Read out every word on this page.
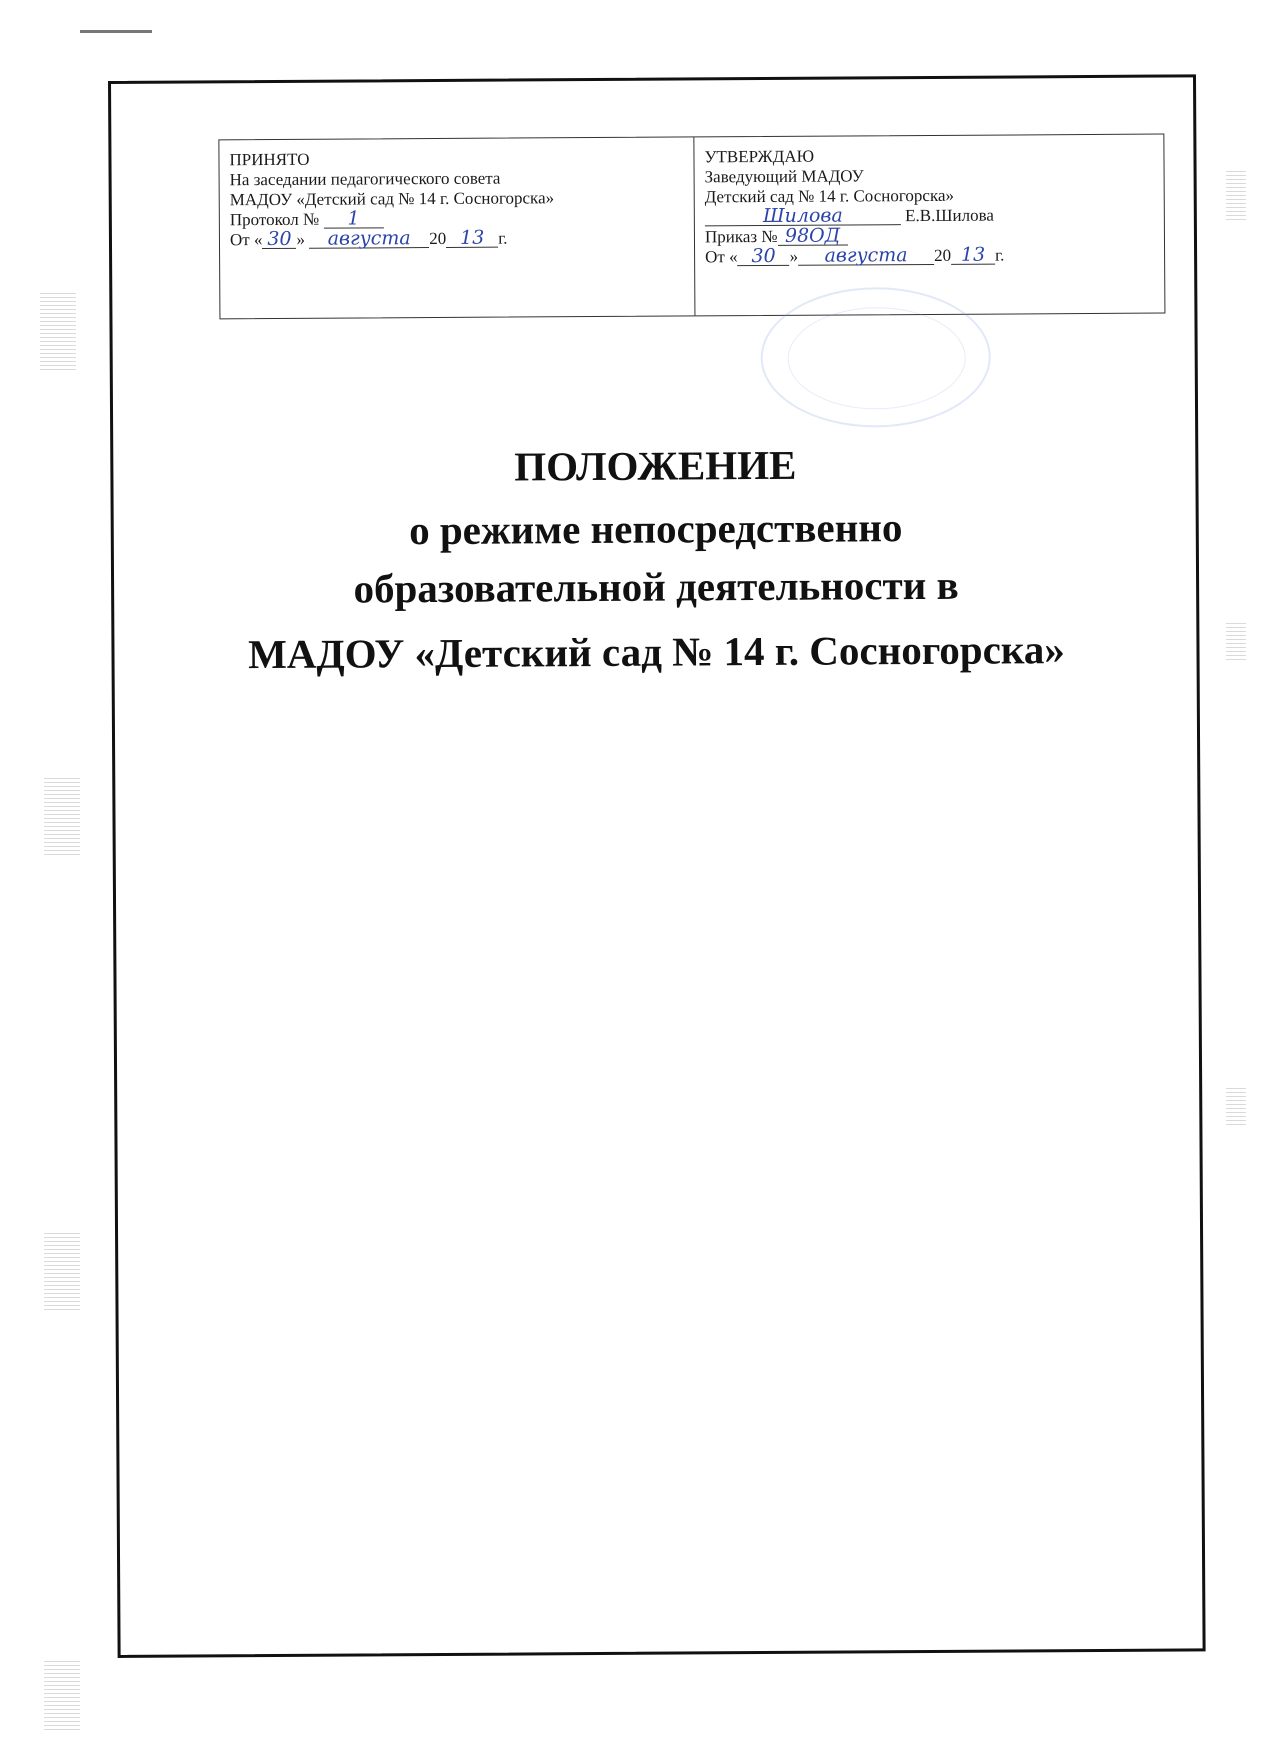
ПРИНЯТО
На заседании педагогического совета
МАДОУ «Детский сад № 14 г. Сосногорска»
Протокол № 1
От « 30 » августа 20 13 г.
УТВЕРЖДАЮ
Заведующий МАДОУ
Детский сад № 14 г. Сосногорска»
Шилова	Е.В.Шилова
Приказ № 98ОД
От « 30 » августа 20 13 г.
ПОЛОЖЕНИЕ
о режиме непосредственно образовательной деятельности в
МАДОУ «Детский сад № 14 г. Сосногорска»
